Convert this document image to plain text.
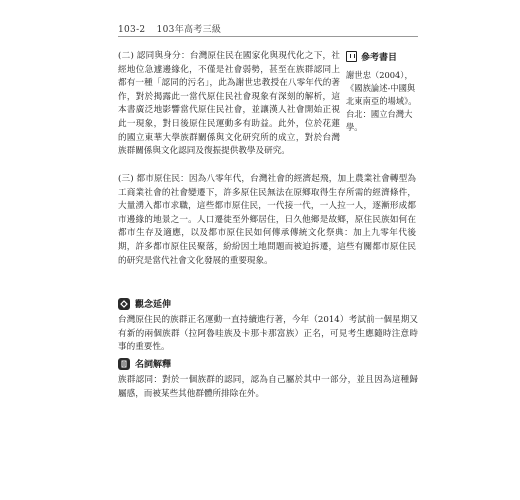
103-2 103年高考三級
(二) 認同與身分：台灣原住民在國家化與現代化之下，社經地位急遽邊緣化，不僅是社會弱勢，甚至在族群認同上都有一種「認同的污名」，此為謝世忠教授在八零年代的著作，對於揭露此一當代原住民社會現象有深刻的解析，這本書廣泛地影響當代原住民社會，並讓漢人社會開始正視此一現象，對日後原住民運動多有助益。此外，位於花蓮的國立東華大學族群關係與文化研究所的成立，對於台灣族群關係與文化認同及復振提供教學及研究。
參考書目
謝世忠（2004），《國族論述-中國與北東南亞的場域》。台北：國立台灣大學。
(三) 都市原住民：因為八零年代，台灣社會的經濟起飛，加上農業社會轉型為工商業社會的社會變遷下，許多原住民無法在原鄉取得生存所需的經濟條件，大量湧入都市求職，這些都市原住民，一代接一代，一人拉一人，逐漸形成都市邊緣的地景之一。人口遷徙至外鄉居住，日久他鄉是故鄉，原住民族如何在都市生存及適應，以及都市原住民如何傳承傳統文化祭典：加上九零年代後期，許多都市原住民聚落，紛紛因土地問題而被迫拆遷，這些有關都市原住民的研究是當代社會文化發展的重要現象。
觀念延伸
台灣原住民的族群正名運動一直持續進行著，今年（2014）考試前一個星期又有新的兩個族群（拉阿魯哇族及卡那卡那富族）正名，可見考生應隨時注意時事的重要性。
名詞解釋
族群認同：對於一個族群的認同，認為自己屬於其中一部分，並且因為這種歸屬感，而被某些其他群體所排除在外。
